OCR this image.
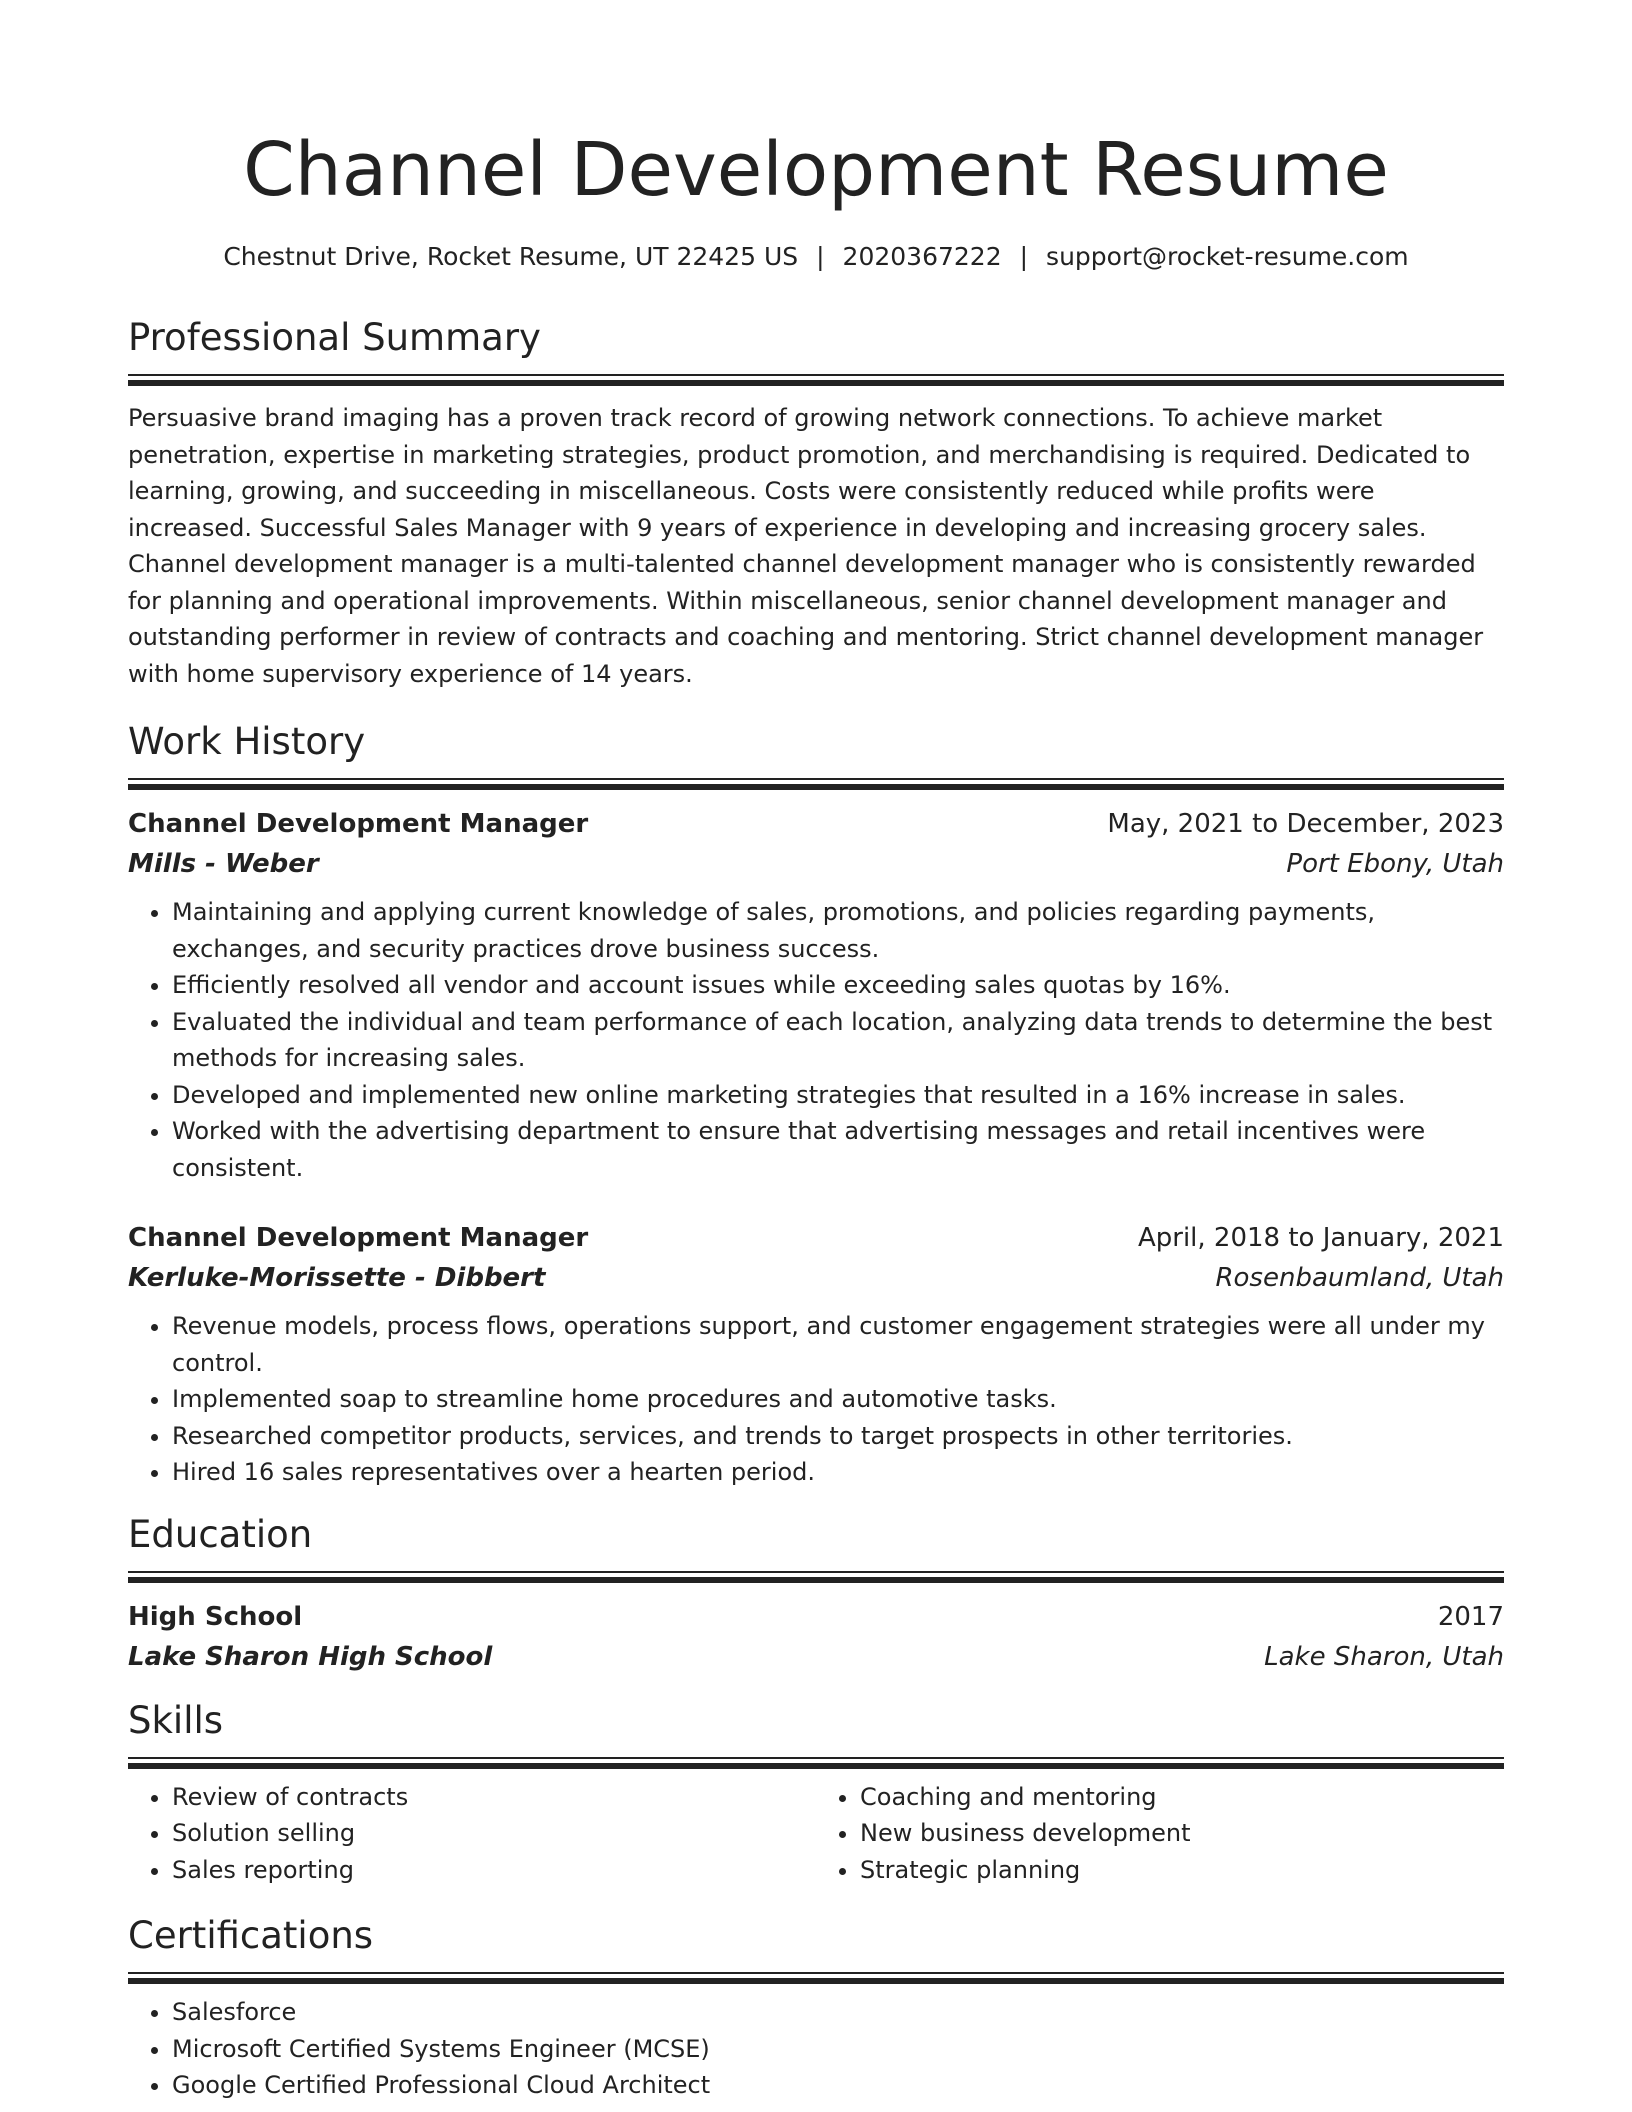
Channel Development Resume
Chestnut Drive, Rocket Resume, UT 22425 US | 2020367222 | support@rocket-resume.com
Professional Summary
Persuasive brand imaging has a proven track record of growing network connections. To achieve market penetration, expertise in marketing strategies, product promotion, and merchandising is required. Dedicated to learning, growing, and succeeding in miscellaneous. Costs were consistently reduced while profits were increased. Successful Sales Manager with 9 years of experience in developing and increasing grocery sales. Channel development manager is a multi-talented channel development manager who is consistently rewarded for planning and operational improvements. Within miscellaneous, senior channel development manager and outstanding performer in review of contracts and coaching and mentoring. Strict channel development manager with home supervisory experience of 14 years.
Work History
Channel Development Manager	May, 2021 to December, 2023
Mills - Weber	Port Ebony, Utah
• Maintaining and applying current knowledge of sales, promotions, and policies regarding payments, exchanges, and security practices drove business success.
• Efficiently resolved all vendor and account issues while exceeding sales quotas by 16%.
• Evaluated the individual and team performance of each location, analyzing data trends to determine the best methods for increasing sales.
• Developed and implemented new online marketing strategies that resulted in a 16% increase in sales.
• Worked with the advertising department to ensure that advertising messages and retail incentives were consistent.
Channel Development Manager	April, 2018 to January, 2021
Kerluke-Morissette - Dibbert	Rosenbaumland, Utah
• Revenue models, process flows, operations support, and customer engagement strategies were all under my control.
• Implemented soap to streamline home procedures and automotive tasks.
• Researched competitor products, services, and trends to target prospects in other territories.
• Hired 16 sales representatives over a hearten period.
Education
High School	2017
Lake Sharon High School	Lake Sharon, Utah
Skills
• Review of contracts
• Solution selling
• Sales reporting
• Coaching and mentoring
• New business development
• Strategic planning
Certifications
• Salesforce
• Microsoft Certified Systems Engineer (MCSE)
• Google Certified Professional Cloud Architect
